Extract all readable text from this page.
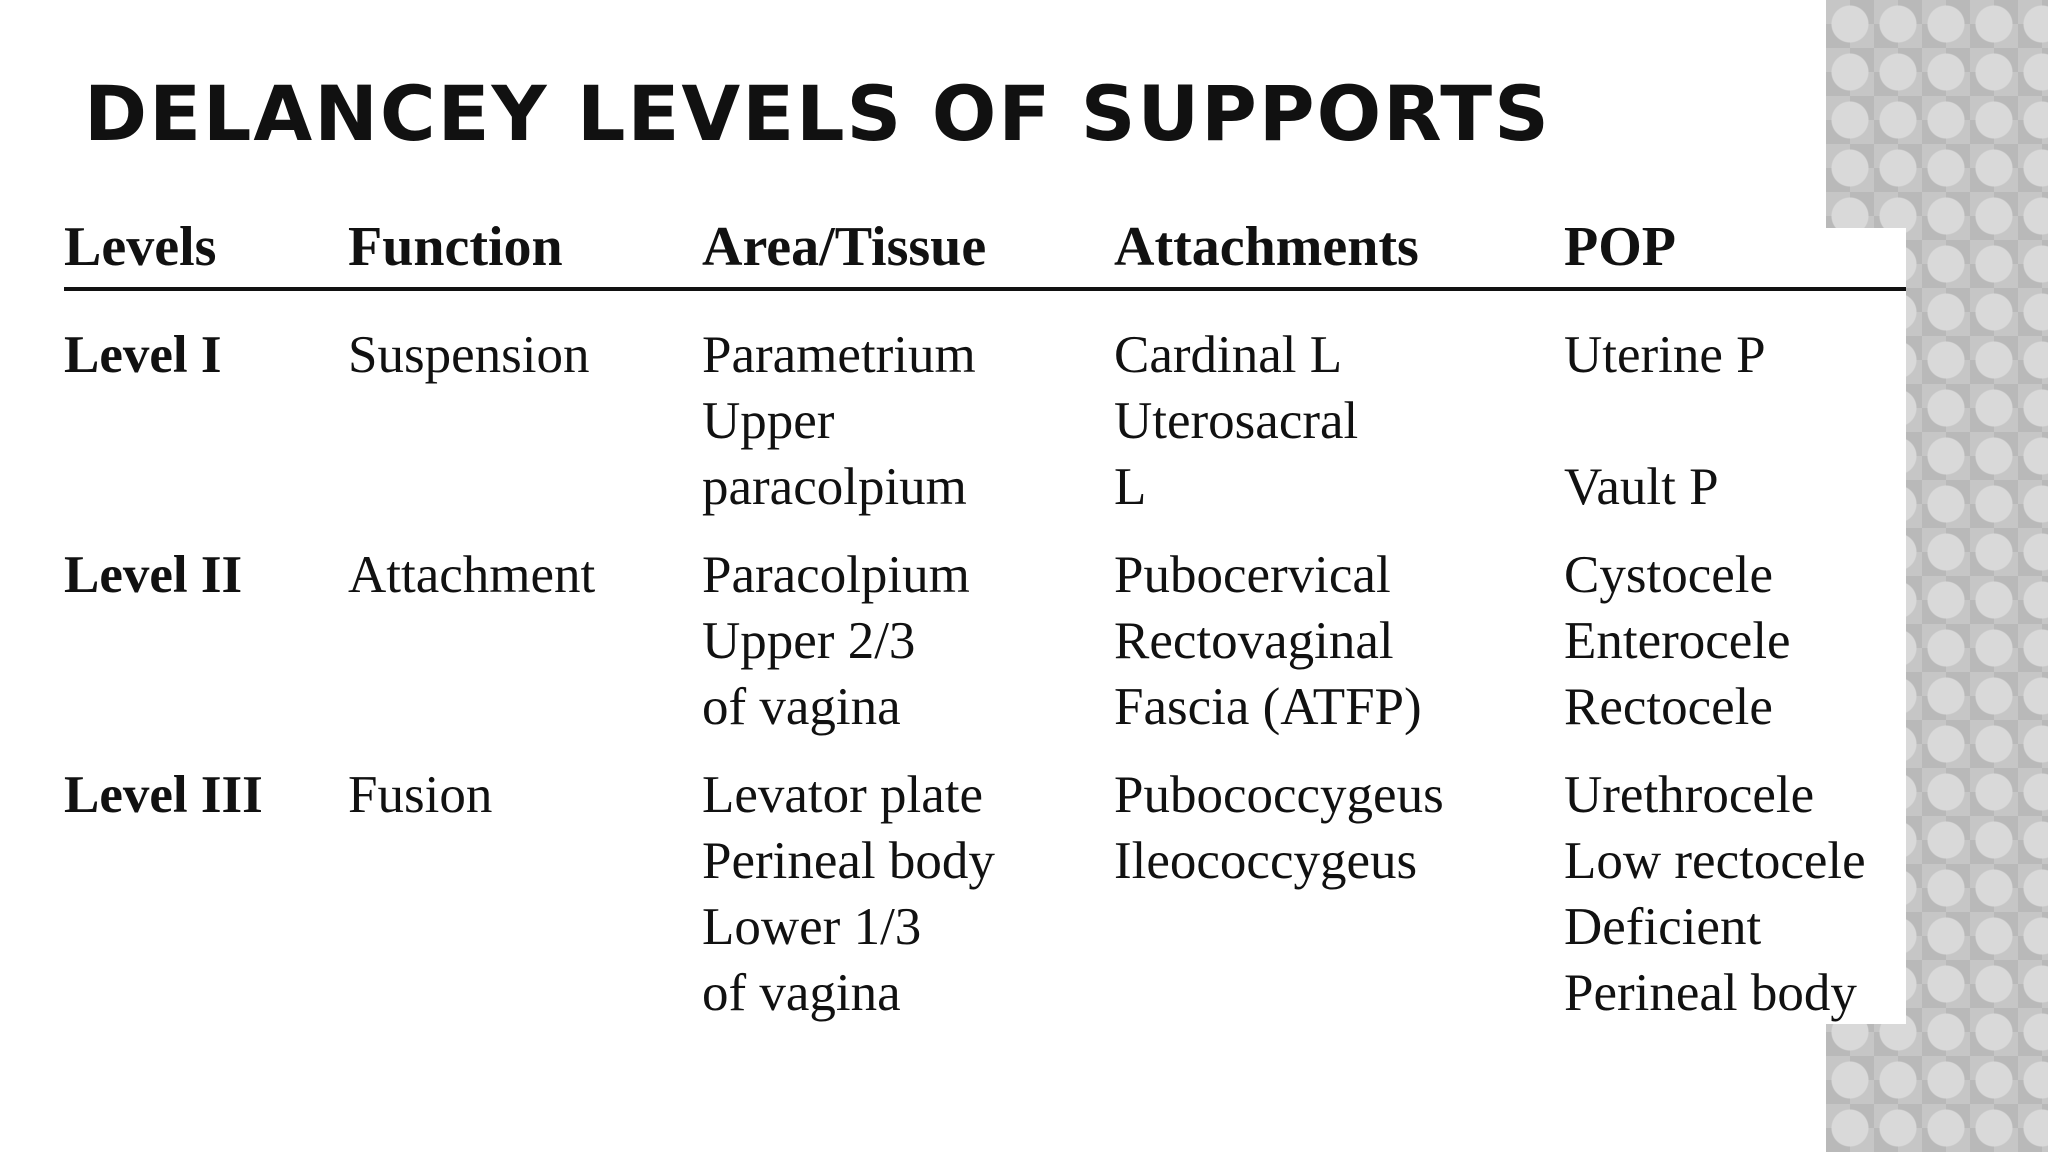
DELANCEY LEVELS OF SUPPORTS
Levels Function Area/Tissue Attachments	POP
Level I Suspension Parametrium
Upper
paracolpium
Cardinal L
Uterosacral
L
Uterine P
Vault P
Level II Attachment Paracolpium
Upper 2/3
of vagina
Pubocervical
Rectovaginal
Fascia (ATFP)
Cystocele
Enterocele
Rectocele
Level III Fusion	Levator plate
Perineal body
Lower 1/3
of vagina
Pubococcygeus
Ileococcygeus
Urethrocele
Low rectocele
Deficient
Perineal body
